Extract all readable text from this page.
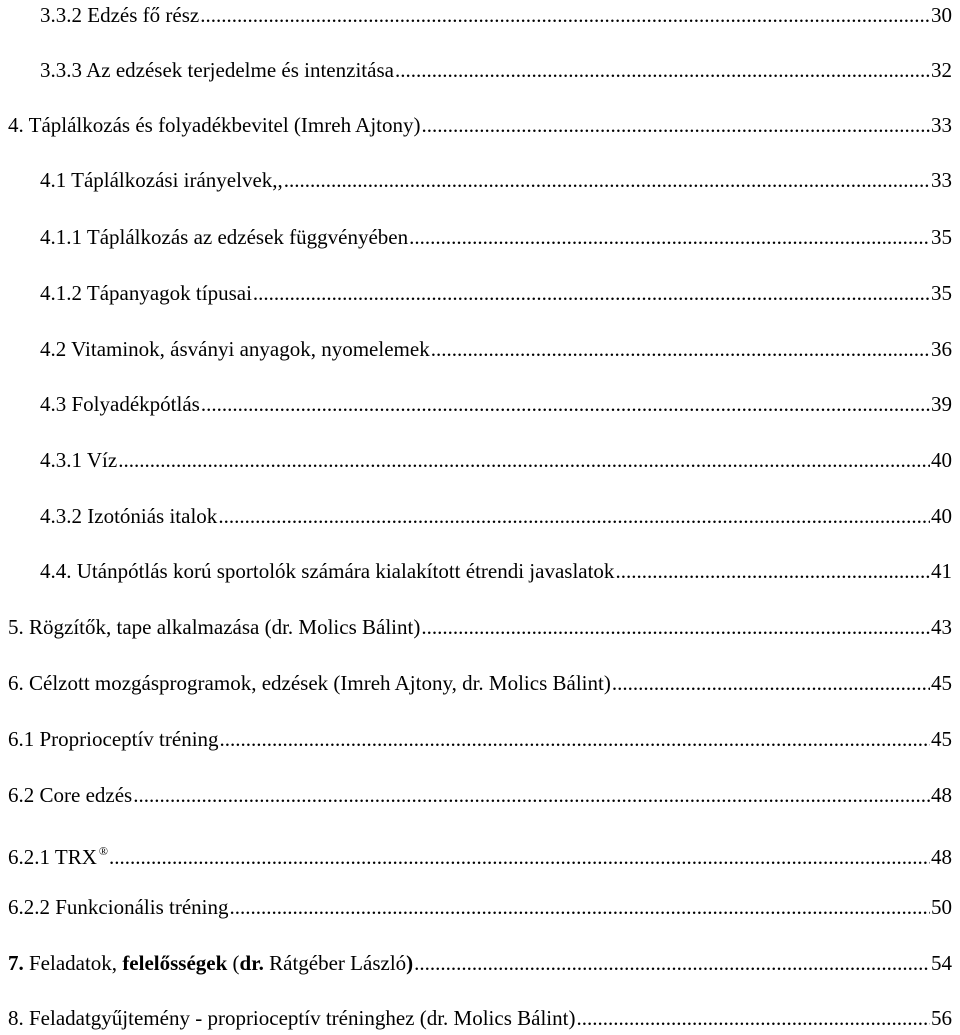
3.3.2 Edzés fő rész .....	30
3.3.3 Az edzések terjedelme és intenzitása .....	32
4. Táplálkozás és folyadékbevitel (Imreh Ajtony) .....	33
4.1 Táplálkozási irányelvek,, .....	33
4.1.1 Táplálkozás az edzések függvényében .....	35
4.1.2 Tápanyagok típusai .....	35
4.2 Vitaminok, ásványi anyagok, nyomelemek .....	36
4.3 Folyadékpótlás .....	39
4.3.1 Víz .....	40
4.3.2 Izotóniás italok .....	40
4.4. Utánpótlás korú sportolók számára kialakított étrendi javaslatok .....	41
5. Rögzítők, tape alkalmazása (dr. Molics Bálint) .....	43
6. Célzott mozgásprogramok, edzések (Imreh Ajtony, dr. Molics Bálint) .....	45
6.1 Proprioceptív tréning .....	45
6.2 Core edzés .....	48
6.2.1 TRX ® .....	48
6.2.2 Funkcionális tréning .....	50
7. Feladatok, felelősségek (dr. Rátgéber László) .....	54
8. Feladatgyűjtemény - proprioceptív tréninghez (dr. Molics Bálint) .....	56
